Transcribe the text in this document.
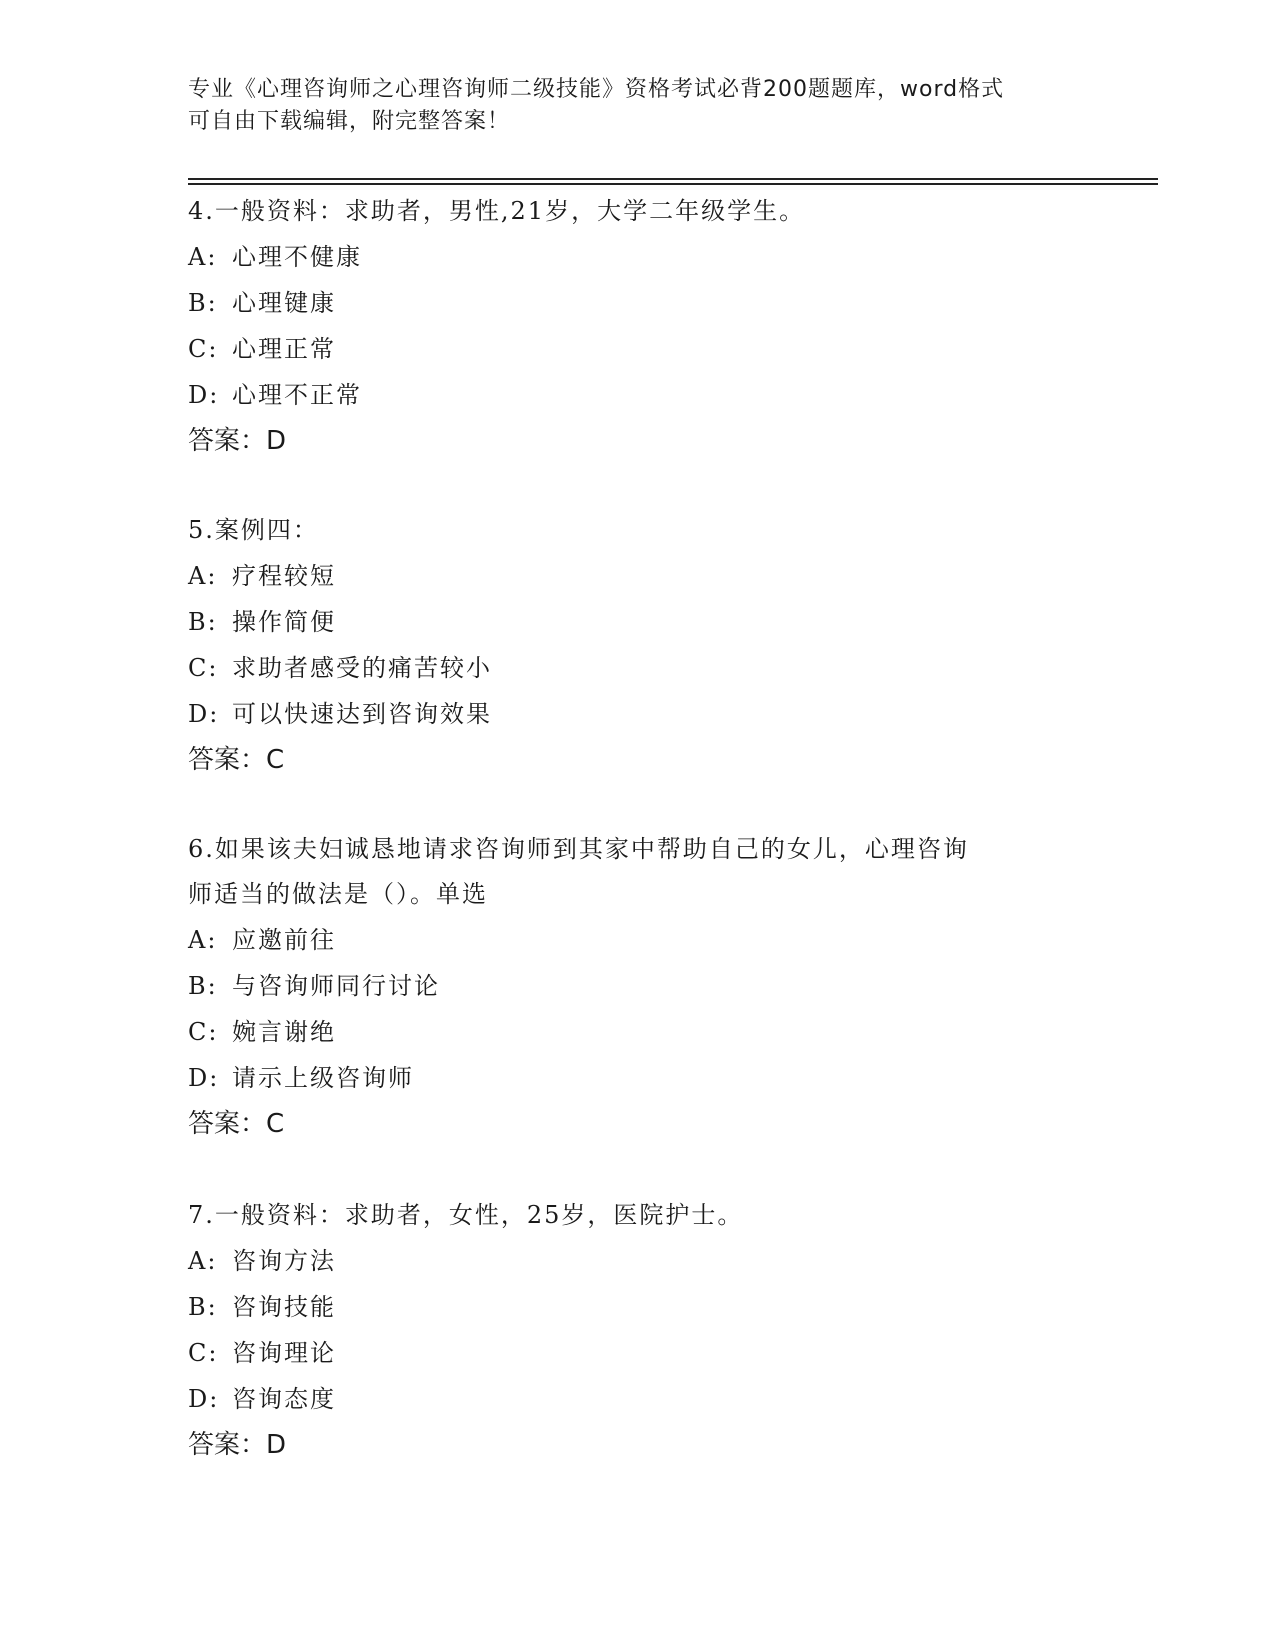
专业《心理咨询师之心理咨询师二级技能》资格考试必背200题题库，word格式
可自由下载编辑，附完整答案！

4.一般资料：求助者，男性,21岁，大学二年级学生。

A: 心理不健康

B: 心理键康

C: 心理正常

D: 心理不正常

答案：D

5.案例四：

A: 疗程较短

B: 操作简便

C: 求助者感受的痛苦较小

D: 可以快速达到咨询效果

答案：C

6.如果该夫妇诚恳地请求咨询师到其家中帮助自己的女儿，心理咨询

师适当的做法是（）。单选

A: 应邀前往

B: 与咨询师同行讨论

C: 婉言谢绝

D: 请示上级咨询师

答案：C

7.一般资料：求助者，女性，25岁，医院护士。

A: 咨询方法

B: 咨询技能

C: 咨询理论

D: 咨询态度

答案：D
